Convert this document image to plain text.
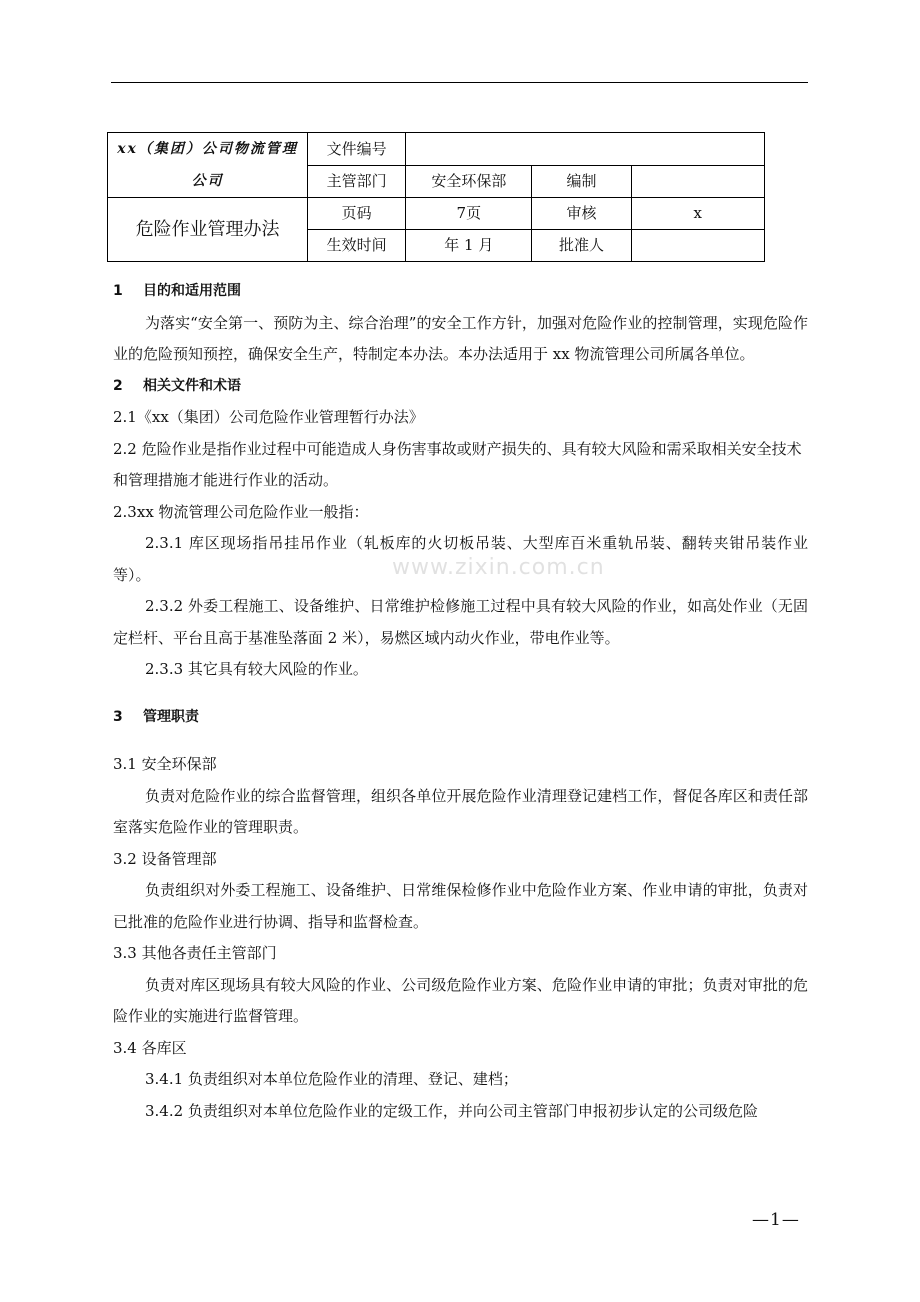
xx（集团）公司物流管理公司	文件编号			
	主管部门	安全环保部	编制	
危险作业管理办法	页码	7页	审核	x
	生效时间	年 1 月	批准人	

1 目的和适用范围

为落实“安全第一、预防为主、综合治理”的安全工作方针，加强对危险作业的控制管理，实现危险作业的危险预知预控，确保安全生产，特制定本办法。本办法适用于 xx 物流管理公司所属各单位。

2 相关文件和术语

2.1《xx（集团）公司危险作业管理暂行办法》

2.2 危险作业是指作业过程中可能造成人身伤害事故或财产损失的、具有较大风险和需采取相关安全技术和管理措施才能进行作业的活动。

2.3xx 物流管理公司危险作业一般指：

2.3.1 库区现场指吊挂吊作业（轧板库的火切板吊装、大型库百米重轨吊装、翻转夹钳吊装作业等）。

2.3.2 外委工程施工、设备维护、日常维护检修施工过程中具有较大风险的作业，如高处作业（无固定栏杆、平台且高于基准坠落面 2 米），易燃区域内动火作业，带电作业等。

2.3.3 其它具有较大风险的作业。

3 管理职责

3.1 安全环保部

负责对危险作业的综合监督管理，组织各单位开展危险作业清理登记建档工作，督促各库区和责任部室落实危险作业的管理职责。

3.2 设备管理部

负责组织对外委工程施工、设备维护、日常维保检修作业中危险作业方案、作业申请的审批，负责对已批准的危险作业进行协调、指导和监督检查。

3.3 其他各责任主管部门

负责对库区现场具有较大风险的作业、公司级危险作业方案、危险作业申请的审批；负责对审批的危险作业的实施进行监督管理。

3.4 各库区

3.4.1 负责组织对本单位危险作业的清理、登记、建档；

3.4.2 负责组织对本单位危险作业的定级工作，并向公司主管部门申报初步认定的公司级危险

www.zixin.com.cn
—1—
